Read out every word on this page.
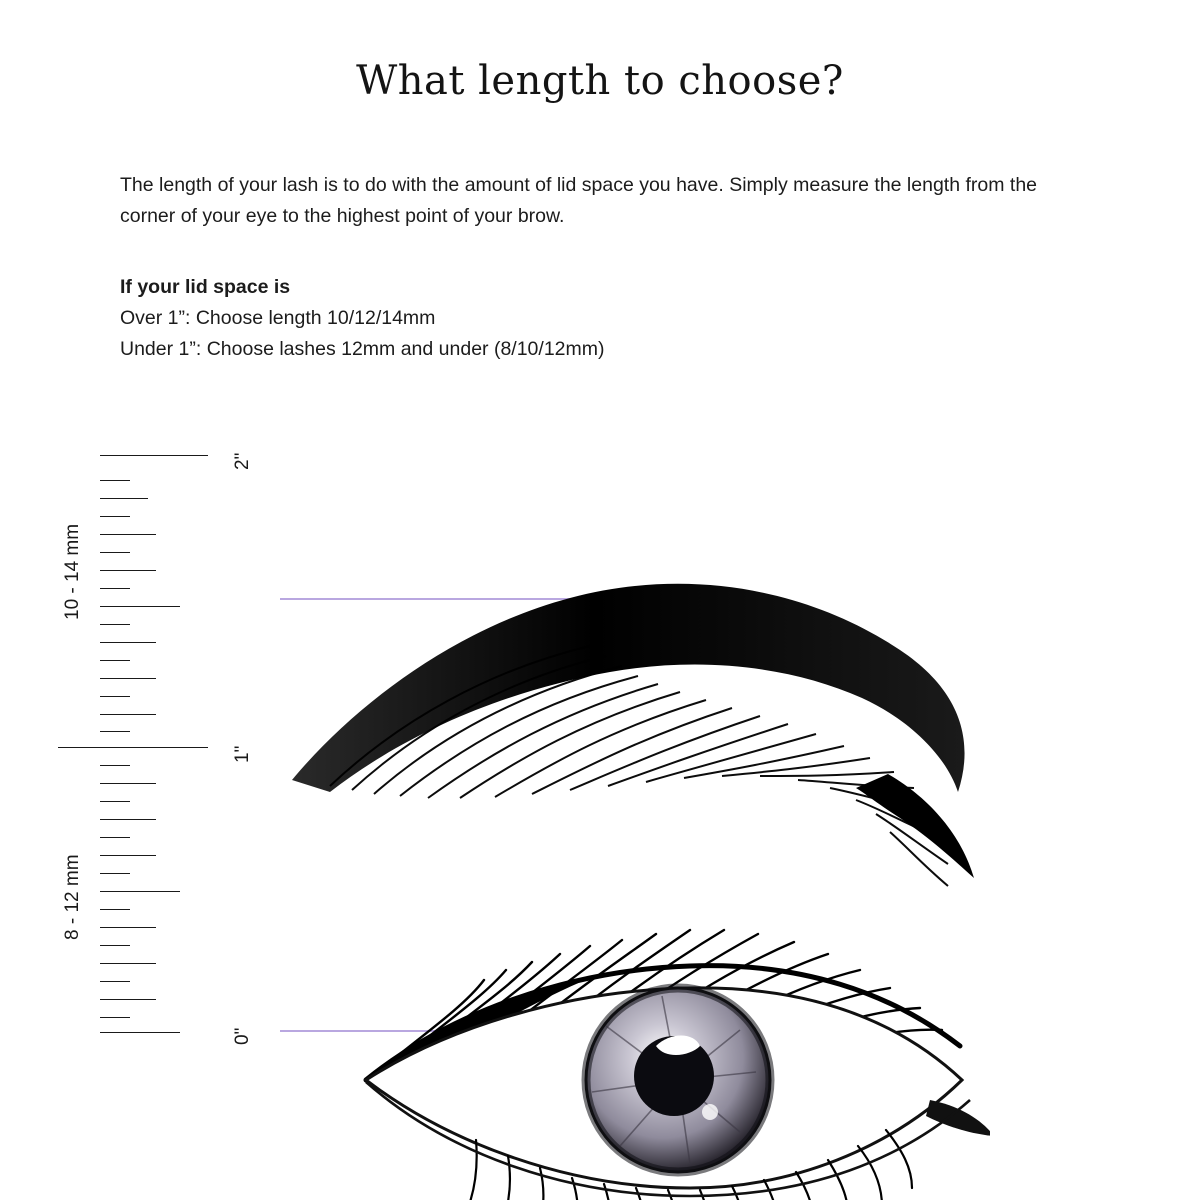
What length to choose?
The length of your lash is to do with the amount of lid space you have. Simply measure the length from the corner of your eye to the highest point of your brow.
If your lid space is
Over 1”: Choose length 10/12/14mm
Under 1”: Choose lashes 12mm and under (8/10/12mm)
10 - 14 mm
8 - 12 mm
2"
1"
0"
